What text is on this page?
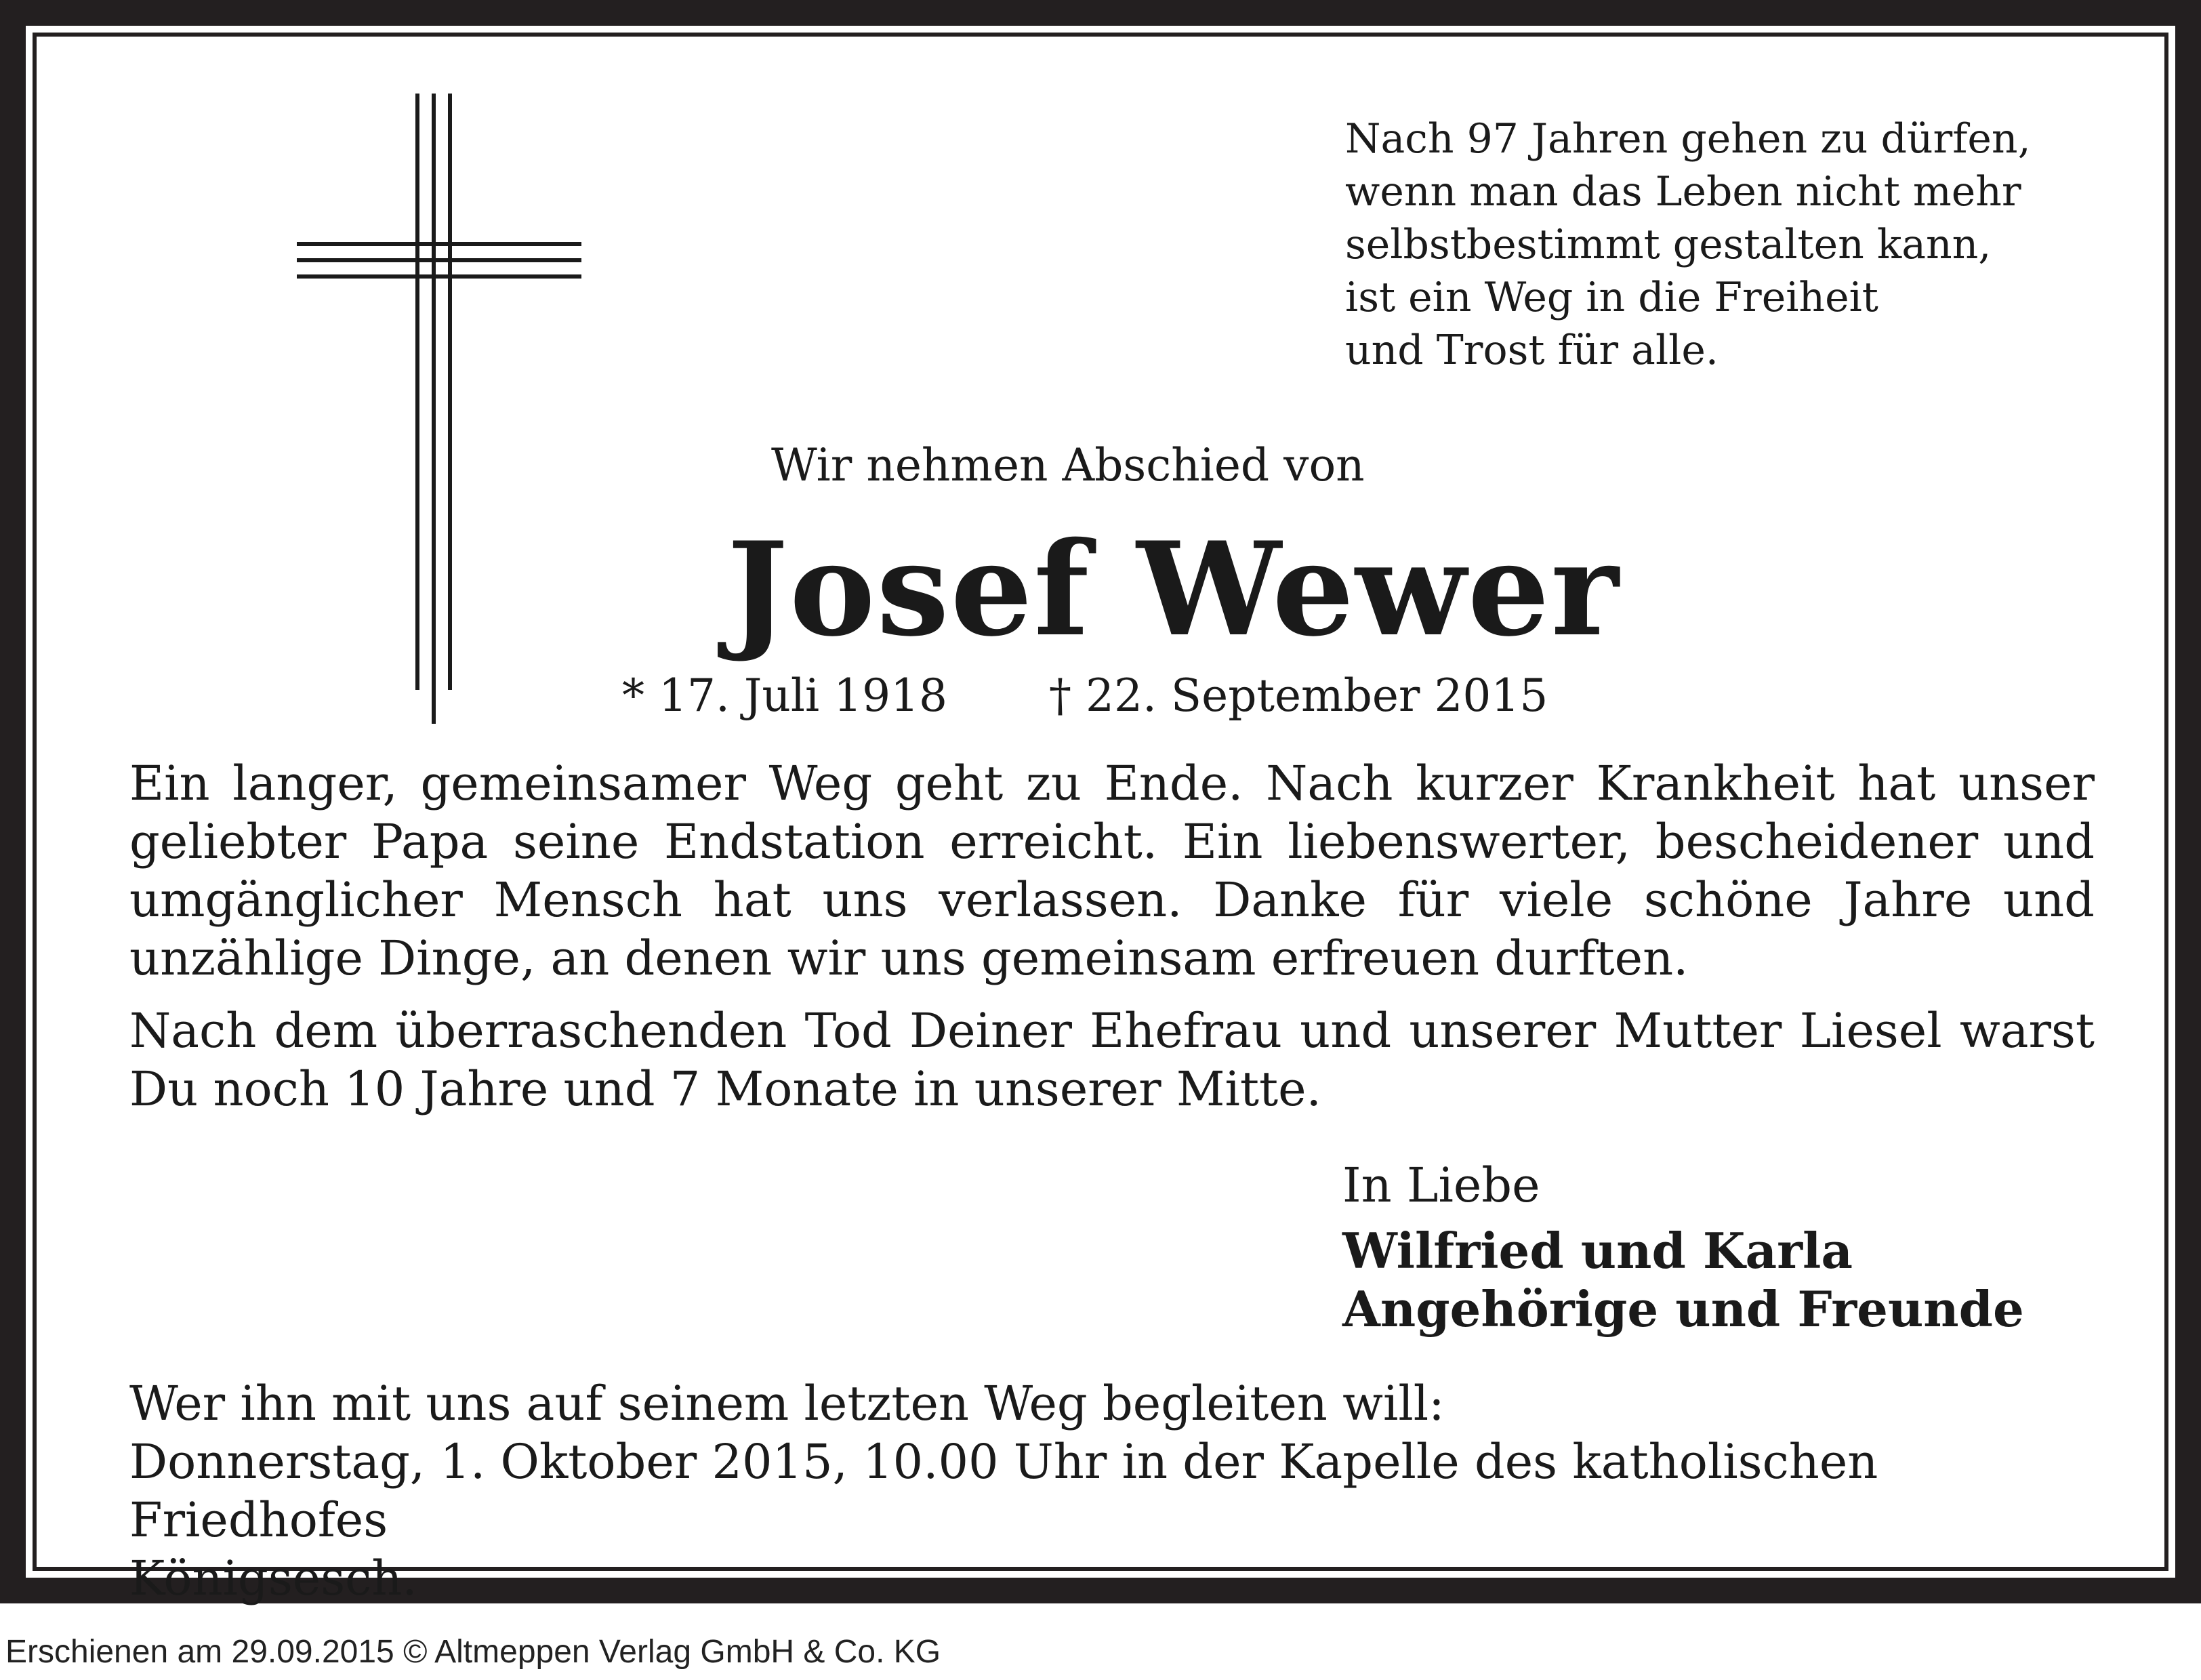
Nach 97 Jahren gehen zu dürfen,
wenn man das Leben nicht mehr
selbstbestimmt gestalten kann,
ist ein Weg in die Freiheit
und Trost für alle.
Wir nehmen Abschied von
Josef Wewer
* 17. Juli 1918 † 22. September 2015
Ein langer, gemeinsamer Weg geht zu Ende. Nach kurzer Krankheit hat unser geliebter Papa seine Endstation erreicht. Ein liebenswerter, bescheidener und umgänglicher Mensch hat uns verlassen. Danke für viele schöne Jahre und unzählige Dinge, an denen wir uns gemeinsam erfreuen durften.
Nach dem überraschenden Tod Deiner Ehefrau und unserer Mutter Liesel warst Du noch 10 Jahre und 7 Monate in unserer Mitte.
In Liebe
Wilfried und Karla
Angehörige und Freunde
Wer ihn mit uns auf seinem letzten Weg begleiten will:
Donnerstag, 1. Oktober 2015, 10.00 Uhr in der Kapelle des katholischen Friedhofes
Königsesch.
Erschienen am 29.09.2015 © Altmeppen Verlag GmbH & Co. KG
